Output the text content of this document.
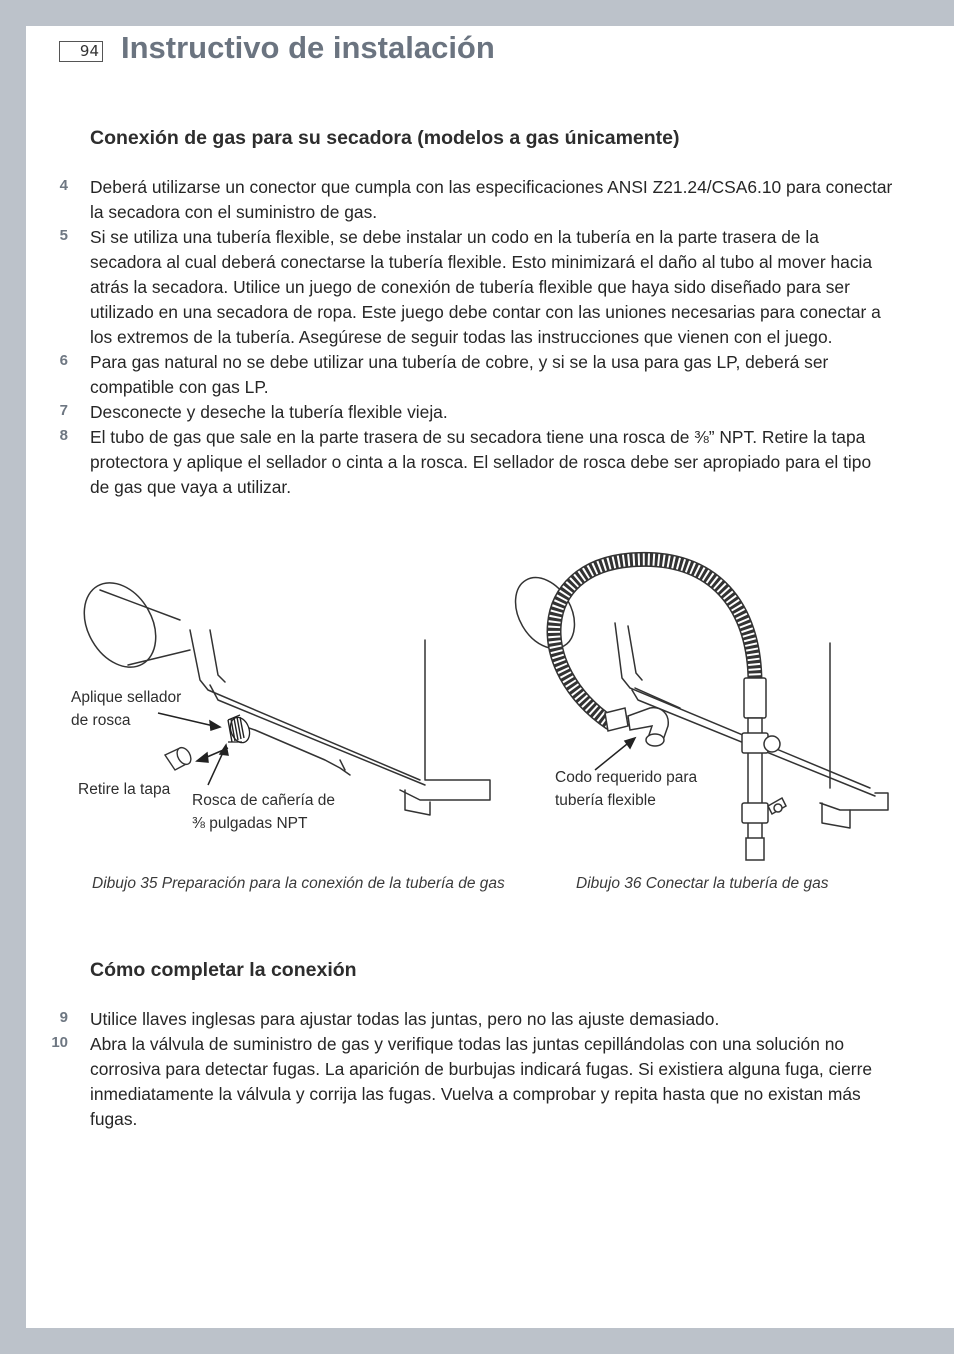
94 Instructivo de instalación
Conexión de gas para su secadora (modelos a gas únicamente)
4 Deberá utilizarse un conector que cumpla con las especificaciones ANSI Z21.24/CSA6.10 para conectar la secadora con el suministro de gas.
5 Si se utiliza una tubería flexible, se debe instalar un codo en la tubería en la parte trasera de la secadora al cual deberá conectarse la tubería flexible. Esto minimizará el daño al tubo al mover hacia atrás la secadora. Utilice un juego de conexión de tubería flexible que haya sido diseñado para ser utilizado en una secadora de ropa. Este juego debe contar con las uniones necesarias para conectar a los extremos de la tubería. Asegúrese de seguir todas las instrucciones que vienen con el juego.
6 Para gas natural no se debe utilizar una tubería de cobre, y si se la usa para gas LP, deberá ser compatible con gas LP.
7 Desconecte y deseche la tubería flexible vieja.
8 El tubo de gas que sale en la parte trasera de su secadora tiene una rosca de ⅜” NPT. Retire la tapa protectora y aplique el sellador o cinta a la rosca. El sellador de rosca debe ser apropiado para el tipo de gas que vaya a utilizar.
Aplique sellador
de rosca
Retire la tapa
Rosca de cañería de
⅜ pulgadas NPT
Dibujo 35 Preparación para la conexión de la tubería de gas
Codo requerido para
tubería flexible
Dibujo 36 Conectar la tubería de gas
Cómo completar la conexión
9 Utilice llaves inglesas para ajustar todas las juntas, pero no las ajuste demasiado.
10 Abra la válvula de suministro de gas y verifique todas las juntas cepillándolas con una solución no corrosiva para detectar fugas. La aparición de burbujas indicará fugas. Si existiera alguna fuga, cierre inmediatamente la válvula y corrija las fugas. Vuelva a comprobar y repita hasta que no existan más fugas.
